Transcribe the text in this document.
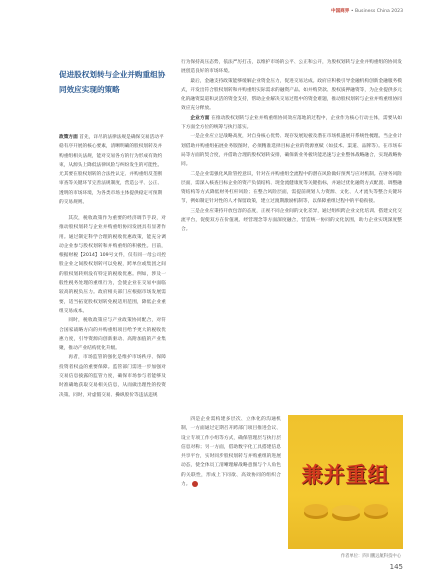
中国商界 • Business China 2023
促进股权划转与企业并购重组协同效应实现的策略
政策方面 首先，详尽的法律法规是确保交易活动平稳有序开展的核心要素，清晰明确的股权划转及并购重组相关法规，能对交易各方的行为形成有效约束，从源头上降低法律风险与纠纷发生的可能性。尤其要在股权划转的合法性认定、并购重组反垄断审查等关键环节完善法规制度，营造公平、公正、透明的市场环境，为各类市场主体提供稳定可预期的交易规则。

其次，税收政策作为重要的经济调节手段，对推动股权划转与企业并购重组协同发展具有显著作用。通过制定科学合理的税收优惠政策，能充分调动企业参与股权划转和并购重组的积极性。目前，根据财税【2014】109号文件，仅有同一母公司控股企业之间股权划转可以免税，跨单位或集团之间的股权划转则没有特定的税收优惠。例如，涉及一般性税务处理的重组行为，会使企业在交易中面临较高的税负压力。政府相关部门应根据市场发展需要，适当拓宽股权划转免税适用范围，降低企业重组交易成本。

同时，税收政策应与产业政策协同配合，对符合国家战略方向的并购重组项目给予更大的税收优惠力度，引导资源向创新驱动、高附加值的产业集聚，推动产业结构优化升级。

再者，市场监管的强化是维护市场秩序、保障投资者权益的重要保障。监管部门需进一步加强对交易信息披露的监管力度，确保市场参与者能够及时准确地获取交易相关信息，从而做出理性的投资决策。同时，对虚假交易、操纵股价等违法违规

行为保持高压态势，依法严厉打击，以维护市场的公平、公正和公开，为股权划转与企业并购重组的协同发展创造良好的市场环境。

最后，金融支持政策能够缓解企业资金压力，促进交易达成。政府应积极引导金融机构创新金融服务模式，开发出符合股权划转和并购重组实际需求的融资产品。如并购贷款、股权质押融资等，为企业提供多元化的融资渠道和灵活的资金支持，帮助企业解决交易过程中的资金难题，推动股权划转与企业并购重组协同效应充分释放。

企业方面 在推动股权划转与企业并购重组协同效应落地的过程中，企业作为核心行动主体，需要从如下方面全方位的统筹与执行落实。

一是企业应立足战略高度，对自身核心优势、现存发展短板及潜在市场机遇展开系统性梳理。当企业计划借助并购重组拓展业务版图时，必须精准选择目标企业的资源禀赋（如技术、渠道、品牌等）。在市场布局等方面的契合度，并借助合理的股权划转安排，确保新业务板块能迅速与企业整体战略融合，实现战略协同。

二是企业需强化风险管控意识，针对在并购重组全流程中的潜在风险做好预判与应对机制。在财务风险层面，需深入核查目标企业的资产负债结构、现金流健康度等关键指标，并通过优化融资方式配置、调整融资结构等方式降低财务杠杆风险；在整合风险层面，需提前规划人力资源、文化、人才流失等整合关键环节，例如制定针对性的人才保留政策，建立过渡期激励机制等，以保障重组过程中的平稳衔接。

三是企业应秉持开放包容的态度，正视不同企业间的文化差异，通过组织跨企业文化培训、搭建文化交流平台，促使双方在价值观、经营理念等方面深度融合，营造统一协同的文化氛围，助力企业实现深度整合。

四是企业需构建多层次、立体化的沟通机制，一方面通过定期召开跨部门项目推进会议、设立专项工作小组等方式，确保管理层与执行层信息对称；另一方面，借助数字化工具搭建信息共享平台，实时同步股权划转与并购重组的进展动态，使全体员工清晰理解战略意图与个人角色的关联性，形成上下同欲、高效协同的组织合力。	兼并重组
作者单位：四川鹏远航科技中心
145
